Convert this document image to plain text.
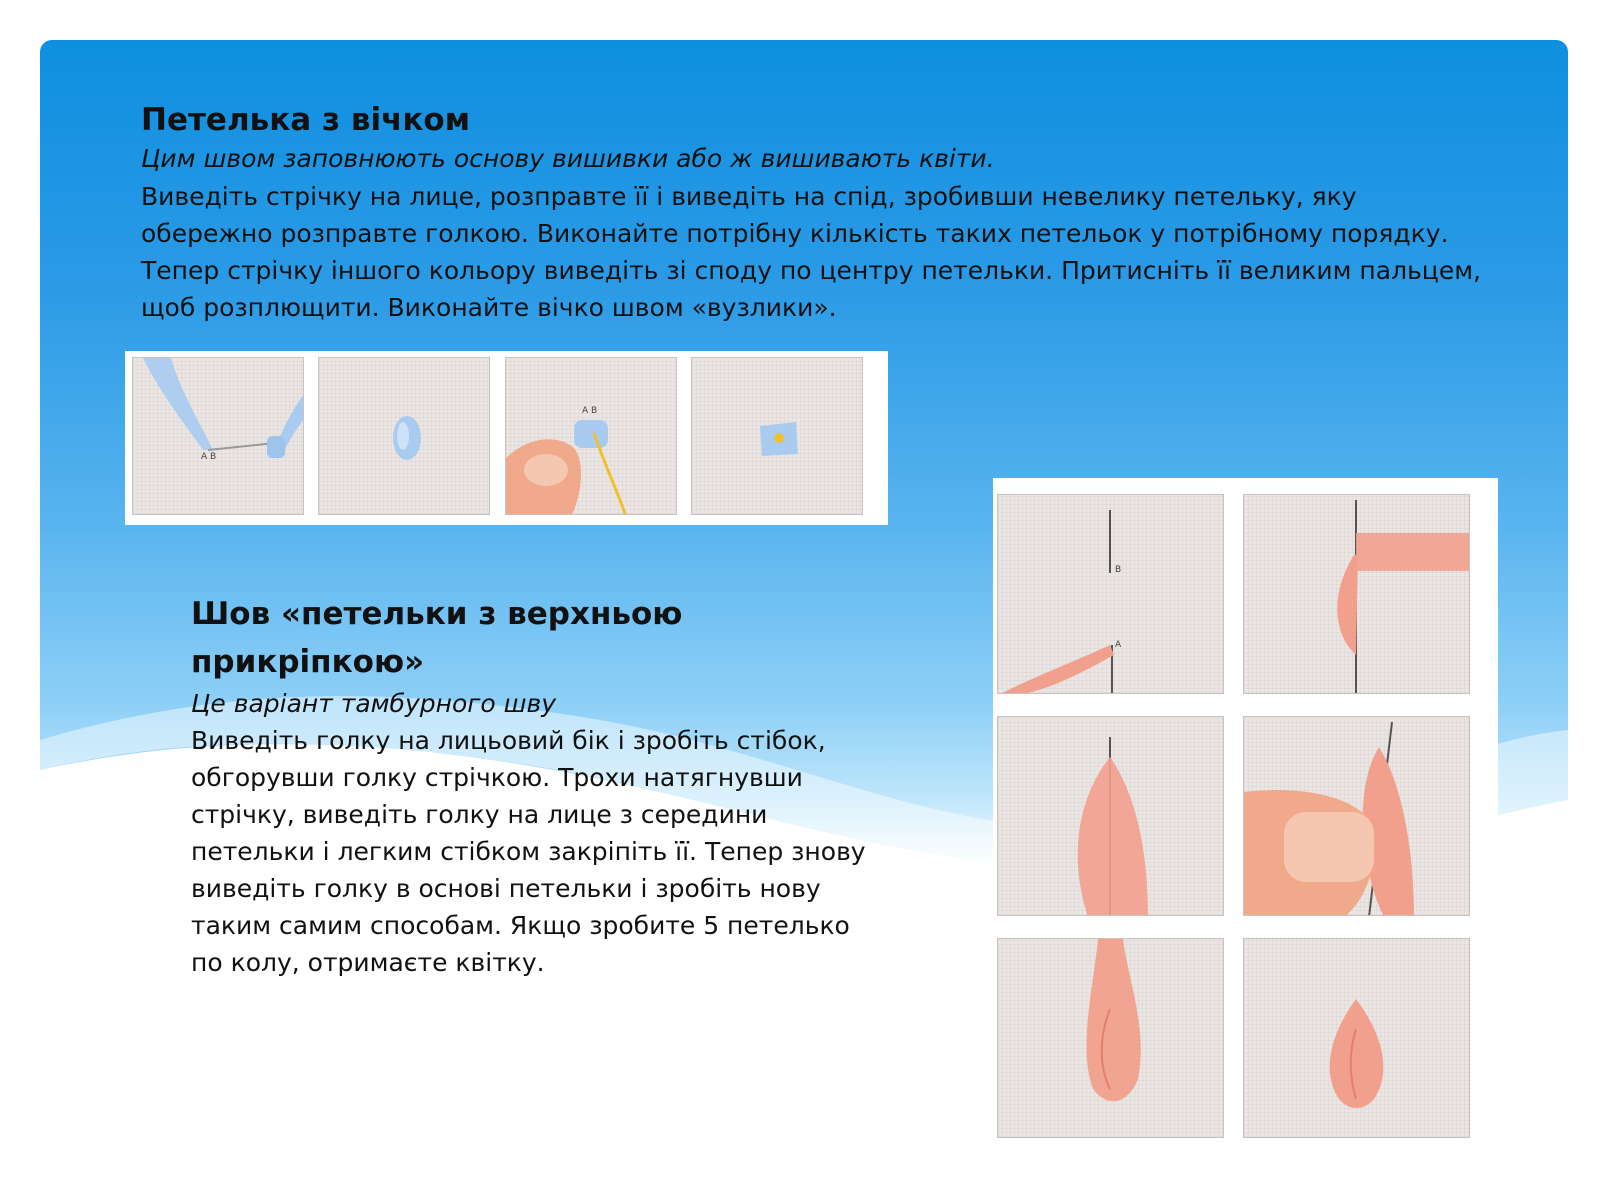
Петелька з вічком
Цим швом заповнюють основу вишивки або ж вишивають квіти.
Виведіть стрічку на лице, розправте її і виведіть на спід, зробивши невелику петельку, яку
обережно розправте голкою. Виконайте потрібну кількість таких петельок у потрібному порядку.
Тепер стрічку іншого кольору виведіть зі споду по центру петельки. Притисніть її великим пальцем,
щоб розплющити. Виконайте вічко швом «вузлики».
A B
A B
Шов «петельки з верхньою
прикріпкою»
Це варіант тамбурного шву
Виведіть голку на лицьовий бік і зробіть стібок,
обгорувши голку стрічкою. Трохи натягнувши
стрічку, виведіть голку на лице з середини
петельки і легким стібком закріпіть її. Тепер знову
виведіть голку в основі петельки і зробіть нову
таким самим способам. Якщо зробите 5 петелько
по колу, отримаєте квітку.
B
A
